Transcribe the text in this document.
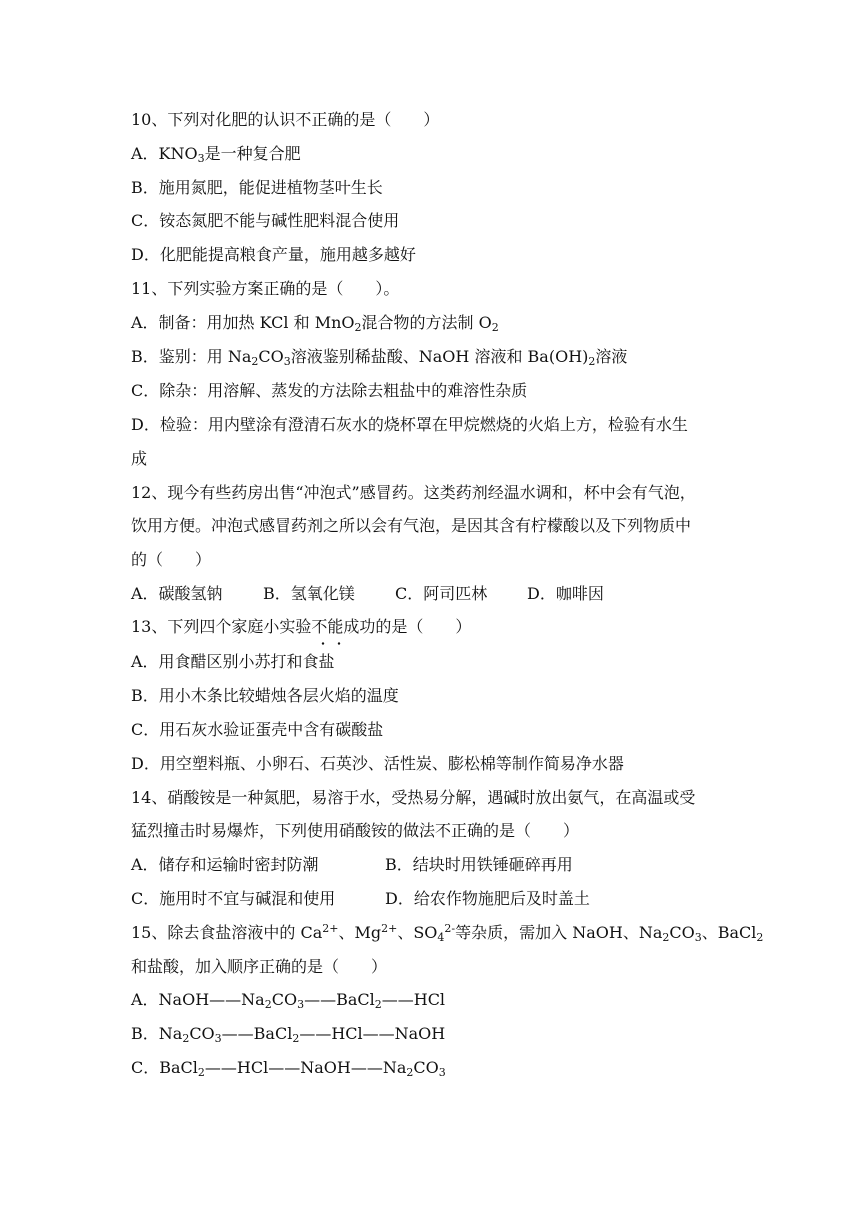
10、下列对化肥的认识不正确的是（　　）
A．$KNO_3$是一种复合肥
B．施用氮肥，能促进植物茎叶生长
C．铵态氮肥不能与碱性肥料混合使用
D．化肥能提高粮食产量，施用越多越好
11、下列实验方案正确的是（　　）。
A．制备：用加热 KCl 和 MnO$_2$混合物的方法制 $O_2$
B．鉴别：用 $Na_2CO_3$溶液鉴别稀盐酸、NaOH 溶液和 $Ba(OH)_2$溶液
C．除杂：用溶解、蒸发的方法除去粗盐中的难溶性杂质
D．检验：用内壁涂有澄清石灰水的烧杯罩在甲烷燃烧的火焰上方，检验有水生
成
12、现今有些药房出售“冲泡式”感冒药。这类药剂经温水调和，杯中会有气泡，
饮用方便。冲泡式感冒药剂之所以会有气泡，是因其含有柠檬酸以及下列物质中
的（　　）
A．碳酸氢钠	B．氢氧化镁	C．阿司匹林 D．咖啡因
13、下列四个家庭小实验不能成功的是（　　）
A．用食醋区别小苏打和食盐
B．用小木条比较蜡烛各层火焰的温度
C．用石灰水验证蛋壳中含有碳酸盐
D．用空塑料瓶、小卵石、石英沙、活性炭、膨松棉等制作简易净水器
14、硝酸铵是一种氮肥，易溶于水，受热易分解，遇碱时放出氨气，在高温或受
猛烈撞击时易爆炸，下列使用硝酸铵的做法不正确的是（　　）
A．储存和运输时密封防潮	B．结块时用铁锤砸碎再用
C．施用时不宜与碱混和使用	D．给农作物施肥后及时盖土
15、除去食盐溶液中的 $Ca^{2+}$、$Mg^{2+}$、$SO_4^{2-}$等杂质，需加入 NaOH、$Na_2CO_3$、BaCl$_2$
和盐酸，加入顺序正确的是（　　）
A．$NaOH——Na_2CO_3——BaCl_2——HCl$
B．$Na_2CO_3——BaCl_2——HCl——NaOH$
C．$BaCl_2——HCl——NaOH——Na_2CO_3$
